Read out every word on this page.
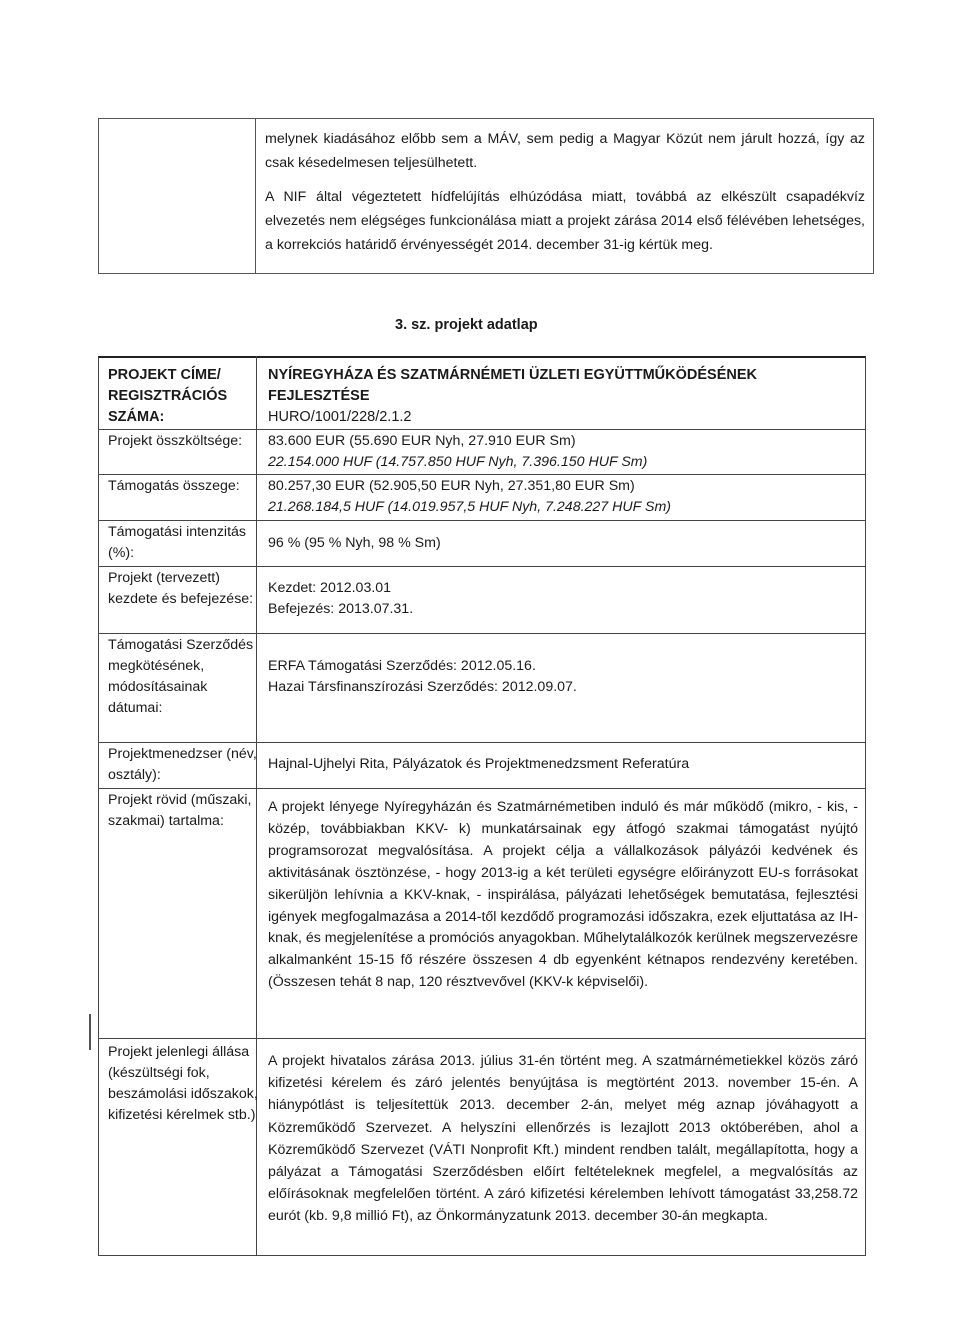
melynek kiadásához előbb sem a MÁV, sem pedig a Magyar Közút nem járult hozzá, így az csak késedelmesen teljesülhetett.

A NIF által végeztetett hídfelújítás elhúzódása miatt, továbbá az elkészült csapadékvíz elvezetés nem elégséges funkcionálása miatt a projekt zárása 2014 első félévében lehetséges, a korrekciós határidő érvényességét 2014. december 31-ig kértük meg.

3. sz. projekt adatlap
PROJEKT CÍME/ REGISZTRÁCIÓS SZÁMA:

NYÍREGYHÁZA ÉS SZATMÁRNÉMETI ÜZLETI EGYÜTTMŰKÖDÉSÉNEK FEJLESZTÉSE

HURO/1001/228/2.1.2

Projekt összköltsége:	83.600 EUR (55.690 EUR Nyh, 27.910 EUR Sm)

22.154.000 HUF (14.757.850 HUF Nyh, 7.396.150 HUF Sm)

Támogatás összege:	80.257,30 EUR (52.905,50 EUR Nyh, 27.351,80 EUR Sm)

21.268.184,5 HUF (14.019.957,5 HUF Nyh, 7.248.227 HUF Sm)

Támogatási intenzitás (%):
96 % (95 % Nyh, 98 % Sm)
Projekt (tervezett) kezdete és befejezése:

Kezdet: 2012.03.01

Befejezés: 2013.07.31.

Támogatási Szerződés megkötésének, módosításainak dátumai:

ERFA Támogatási Szerződés: 2012.05.16.

Hazai Társfinanszírozási Szerződés: 2012.09.07.

Projektmenedzser (név, osztály):
Hajnal-Ujhelyi Rita, Pályázatok és Projektmenedzsment Referatúra
Projekt rövid (műszaki, szakmai) tartalma:
A projekt lényege Nyíregyházán és Szatmárnémetiben induló és már működő (mikro, - kis, -közép, továbbiakban KKV- k) munkatársainak egy átfogó szakmai támogatást nyújtó programsorozat megvalósítása. A projekt célja a vállalkozások pályázói kedvének és aktivitásának ösztönzése, - hogy 2013-ig a két területi egységre előirányzott EU-s forrásokat sikerüljön lehívnia a KKV-knak, - inspirálása, pályázati lehetőségek bemutatása, fejlesztési igények megfogalmazása a 2014-től kezdődő programozási időszakra, ezek eljuttatása az IH-knak, és megjelenítése a promóciós anyagokban. Műhelytalálkozók kerülnek megszervezésre alkalmanként 15-15 fő részére összesen 4 db egyenként kétnapos rendezvény keretében. (Összesen tehát 8 nap, 120 résztvevővel (KKV-k képviselői).
Projekt jelenlegi állása (készültségi fok, beszámolási időszakok, kifizetési kérelmek stb.)
A projekt hivatalos zárása 2013. július 31-én történt meg. A szatmárnémetiekkel közös záró kifizetési kérelem és záró jelentés benyújtása is megtörtént 2013. november 15-én. A hiánypótlást is teljesítettük 2013. december 2-án, melyet még aznap jóváhagyott a Közreműködő Szervezet. A helyszíni ellenőrzés is lezajlott 2013 októberében, ahol a Közreműködő Szervezet (VÁTI Nonprofit Kft.) mindent rendben talált, megállapította, hogy a pályázat a Támogatási Szerződésben előírt feltételeknek megfelel, a megvalósítás az előírásoknak megfelelően történt. A záró kifizetési kérelemben lehívott támogatást 33,258.72 eurót (kb. 9,8 millió Ft), az Önkormányzatunk 2013. december 30-án megkapta.
